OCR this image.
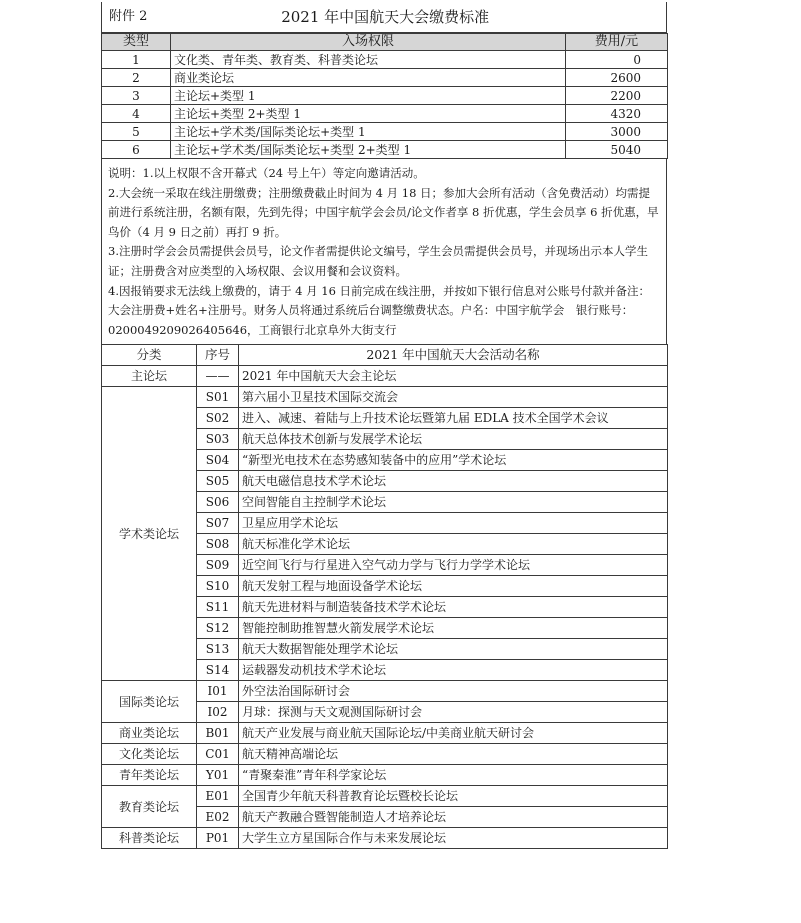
附件 2	2021 年中国航天大会缴费标准
类型	入场权限	费用/元
1	文化类、青年类、教育类、科普类论坛	0
2	商业类论坛	2600
3	主论坛+类型 1	2200
4	主论坛+类型 2+类型 1	4320
5	主论坛+学术类/国际类论坛+类型 1	3000
6	主论坛+学术类/国际类论坛+类型 2+类型 1	5040

说明：1.以上权限不含开幕式（24 号上午）等定向邀请活动。

2.大会统一采取在线注册缴费；注册缴费截止时间为 4 月 18 日；参加大会所有活动（含免费活动）均需提前进行系统注册，名额有限，先到先得；中国宇航学会会员/论文作者享 8 折优惠，学生会员享 6 折优惠，早鸟价（4 月 9 日之前）再打 9 折。

3.注册时学会会员需提供会员号，论文作者需提供论文编号，学生会员需提供会员号，并现场出示本人学生证；注册费含对应类型的入场权限、会议用餐和会议资料。

4.因报销要求无法线上缴费的，请于 4 月 16 日前完成在线注册，并按如下银行信息对公账号付款并备注：大会注册费+姓名+注册号。财务人员将通过系统后台调整缴费状态。户名：中国宇航学会　银行账号：0200049209026405646，工商银行北京阜外大街支行

分类	序号	2021 年中国航天大会活动名称
主论坛	——	2021 年中国航天大会主论坛
学术类论坛	S01	第六届小卫星技术国际交流会
	S02	进入、减速、着陆与上升技术论坛暨第九届 EDLA 技术全国学术会议
	S03	航天总体技术创新与发展学术论坛
	S04	“新型光电技术在态势感知装备中的应用”学术论坛
	S05	航天电磁信息技术学术论坛
	S06	空间智能自主控制学术论坛
	S07	卫星应用学术论坛
	S08	航天标准化学术论坛
	S09	近空间飞行与行星进入空气动力学与飞行力学学术论坛
	S10	航天发射工程与地面设备学术论坛
	S11	航天先进材料与制造装备技术学术论坛
	S12	智能控制助推智慧火箭发展学术论坛
	S13	航天大数据智能处理学术论坛
	S14	运载器发动机技术学术论坛
国际类论坛	I01	外空法治国际研讨会
	I02	月球：探测与天文观测国际研讨会
商业类论坛	B01	航天产业发展与商业航天国际论坛/中美商业航天研讨会
文化类论坛	C01	航天精神高端论坛
青年类论坛	Y01	“青聚秦淮”青年科学家论坛
教育类论坛	E01	全国青少年航天科普教育论坛暨校长论坛
	E02	航天产教融合暨智能制造人才培养论坛
科普类论坛	P01	大学生立方星国际合作与未来发展论坛
